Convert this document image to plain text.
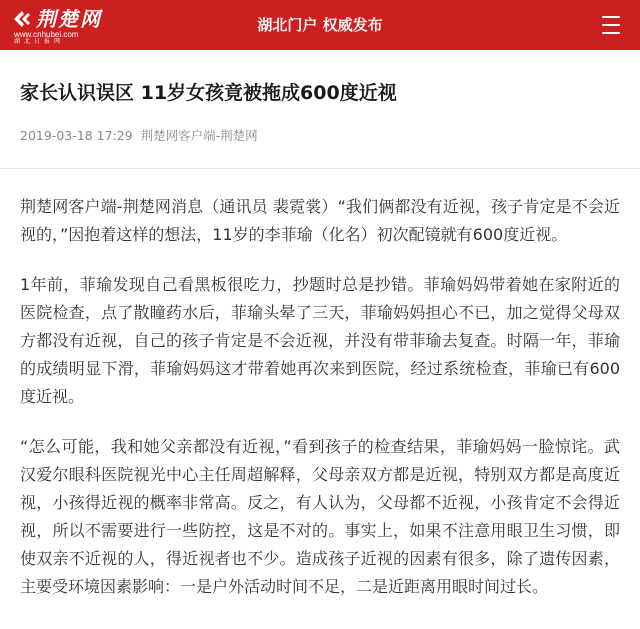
荆楚网
www.cnhubei.com
湖北日报网
湖北门户 权威发布
家长认识误区 11岁女孩竟被拖成600度近视
2019-03-18 17:29 荆楚网客户端-荆楚网

荆楚网客户端-荆楚网消息（通讯员 裴霓裳）“我们俩都没有近视，孩子肯定是不会近视的，”因抱着这样的想法，11岁的李菲瑜（化名）初次配镜就有600度近视。

1年前，菲瑜发现自己看黑板很吃力，抄题时总是抄错。菲瑜妈妈带着她在家附近的医院检查，点了散瞳药水后，菲瑜头晕了三天，菲瑜妈妈担心不已，加之觉得父母双方都没有近视，自己的孩子肯定是不会近视，并没有带菲瑜去复查。时隔一年，菲瑜的成绩明显下滑，菲瑜妈妈这才带着她再次来到医院，经过系统检查，菲瑜已有600度近视。

“怎么可能，我和她父亲都没有近视，”看到孩子的检查结果，菲瑜妈妈一脸惊诧。武汉爱尔眼科医院视光中心主任周超解释，父母亲双方都是近视，特别双方都是高度近视，小孩得近视的概率非常高。反之，有人认为，父母都不近视，小孩肯定不会得近视，所以不需要进行一些防控，这是不对的。事实上，如果不注意用眼卫生习惯，即使双亲不近视的人，得近视者也不少。造成孩子近视的因素有很多，除了遗传因素，主要受环境因素影响：一是户外活动时间不足，二是近距离用眼时间过长。
